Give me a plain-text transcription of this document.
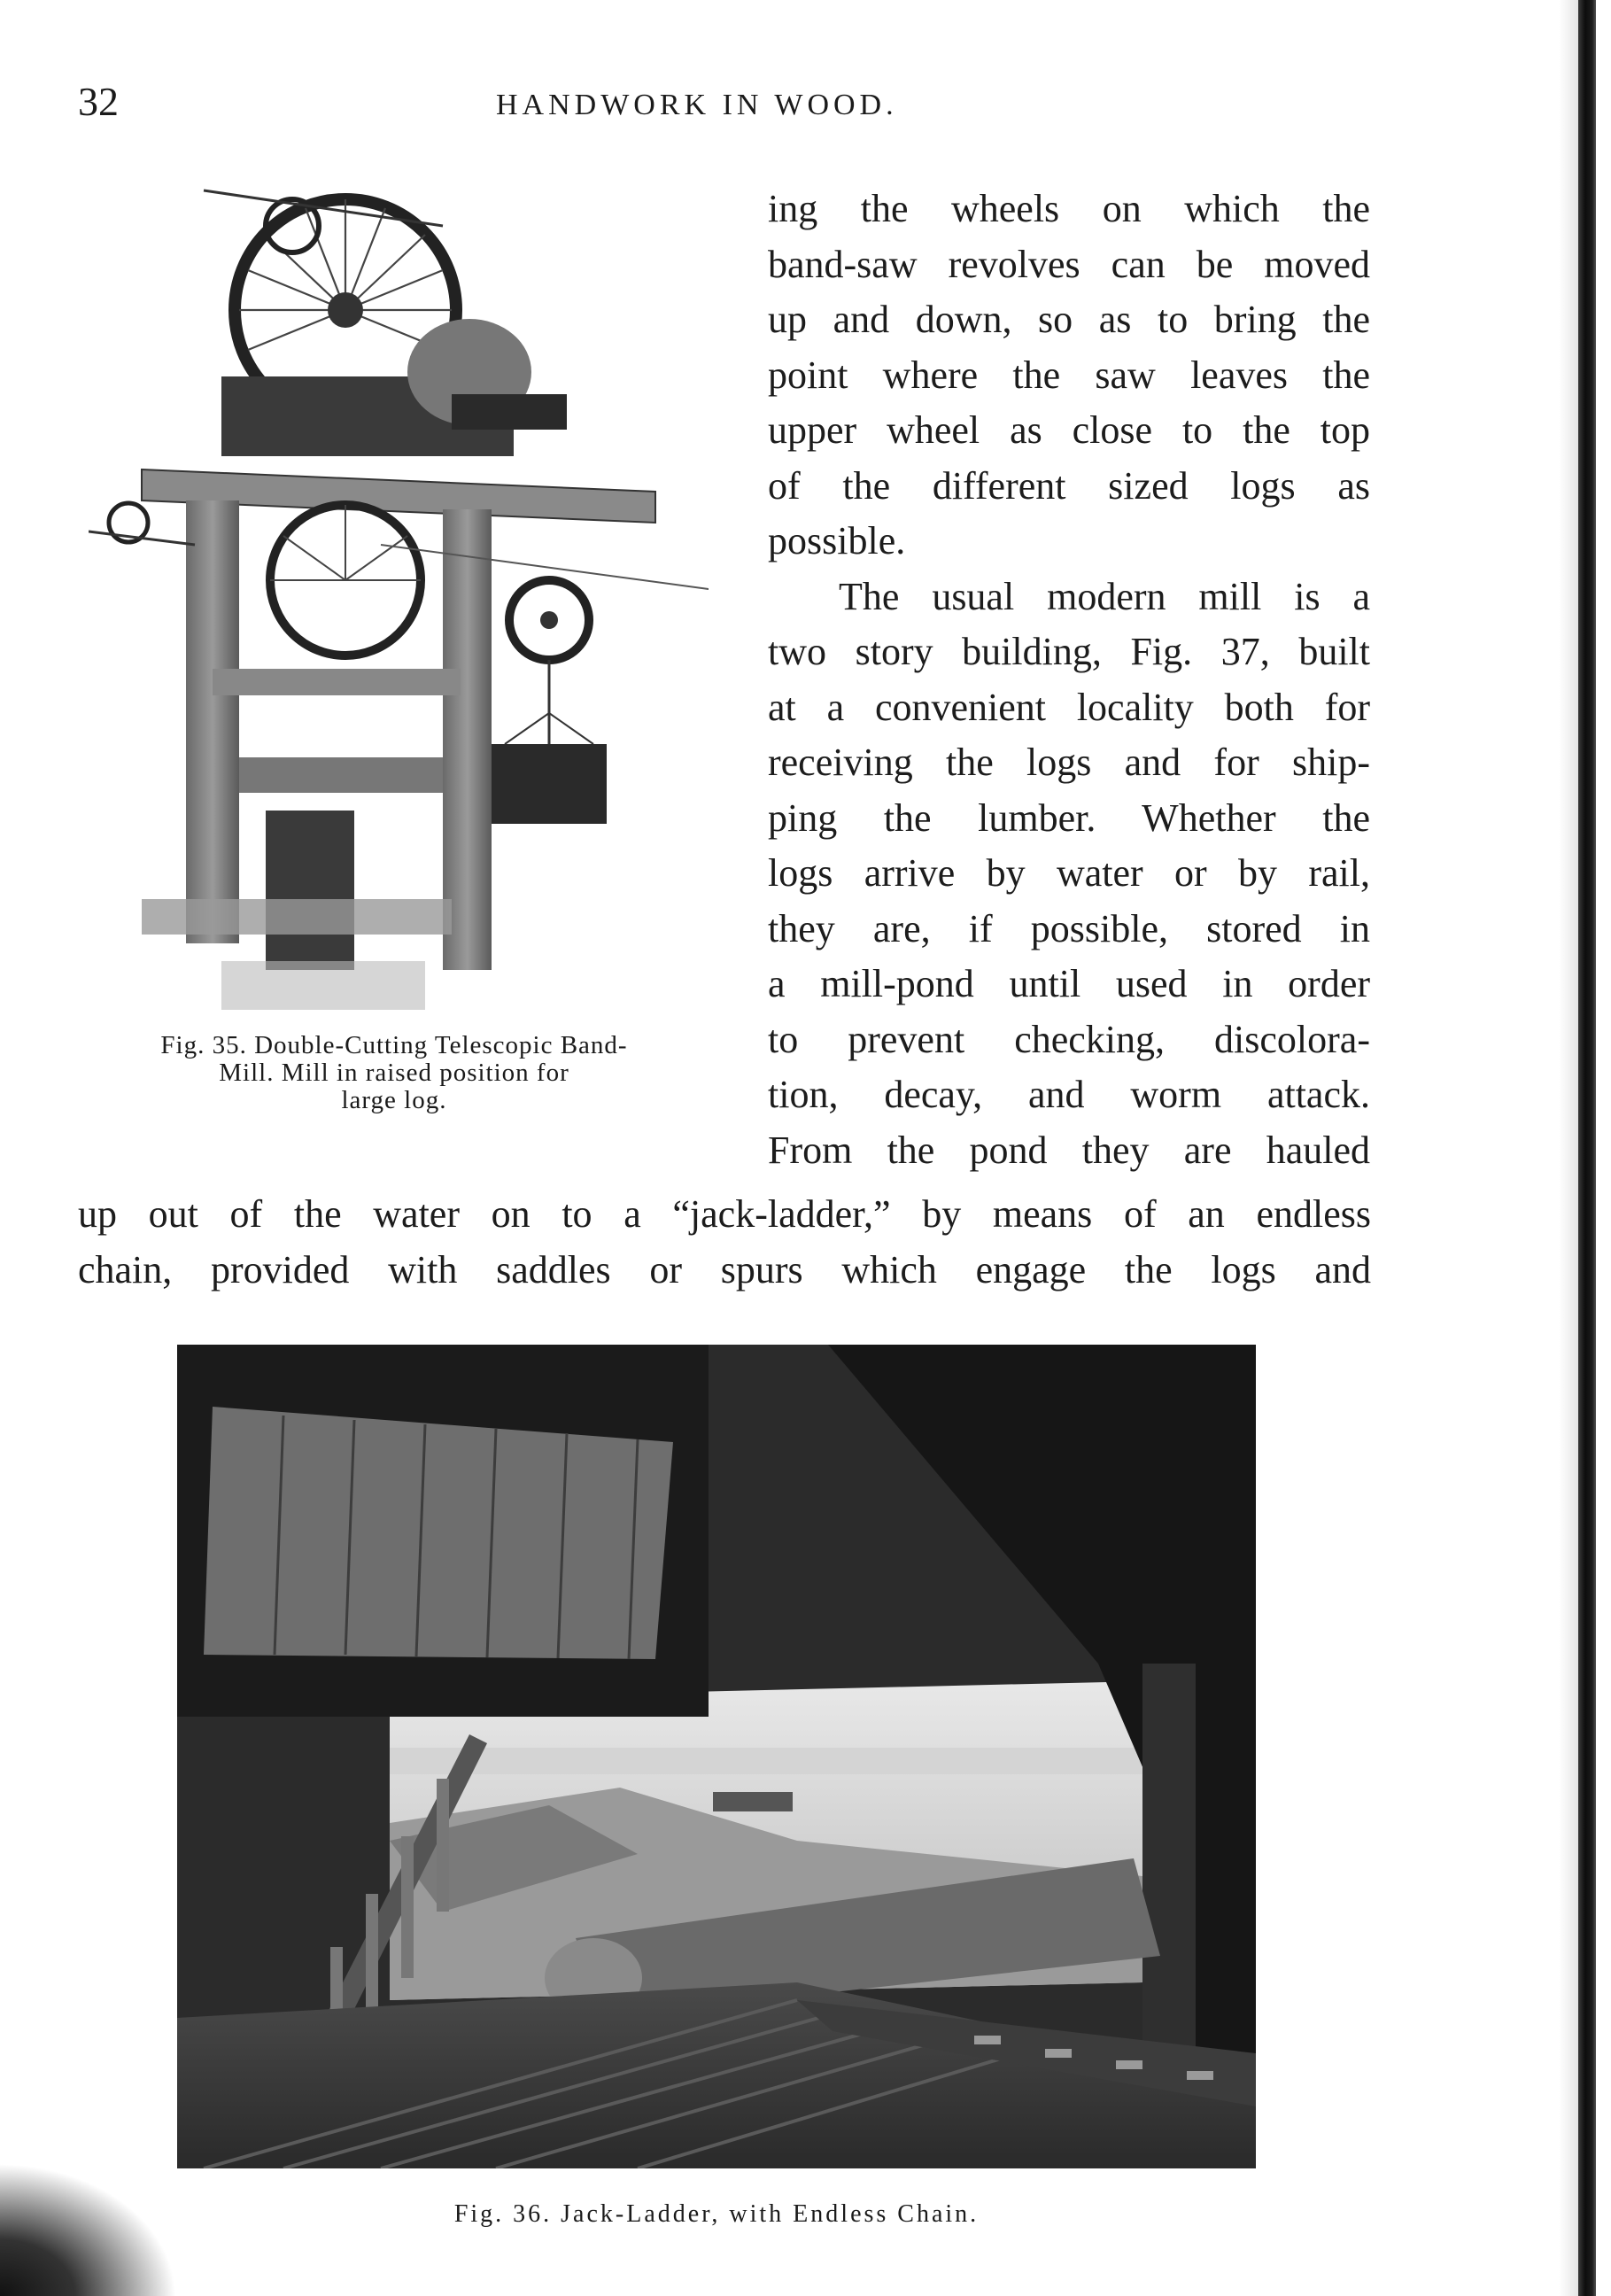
32	HANDWORK IN WOOD.
Fig. 35. Double-Cutting Telescopic Band-
Mill. Mill in raised position for
large log.
ing the wheels on which the
band-saw revolves can be moved
up and down, so as to bring the
point where the saw leaves the
upper wheel as close to the top
of the different sized logs as
possible.
The usual modern mill is a
two story building, Fig. 37, built
at a convenient locality both for
receiving the logs and for ship-
ping the lumber. Whether the
logs arrive by water or by rail,
they are, if possible, stored in
a mill-pond until used in order
to prevent checking, discolora-
tion, decay, and worm attack.
From the pond they are hauled
up out of the water on to a “jack-ladder,” by means of an endless
chain, provided with saddles or spurs which engage the logs and
Fig. 36. Jack-Ladder, with Endless Chain.
